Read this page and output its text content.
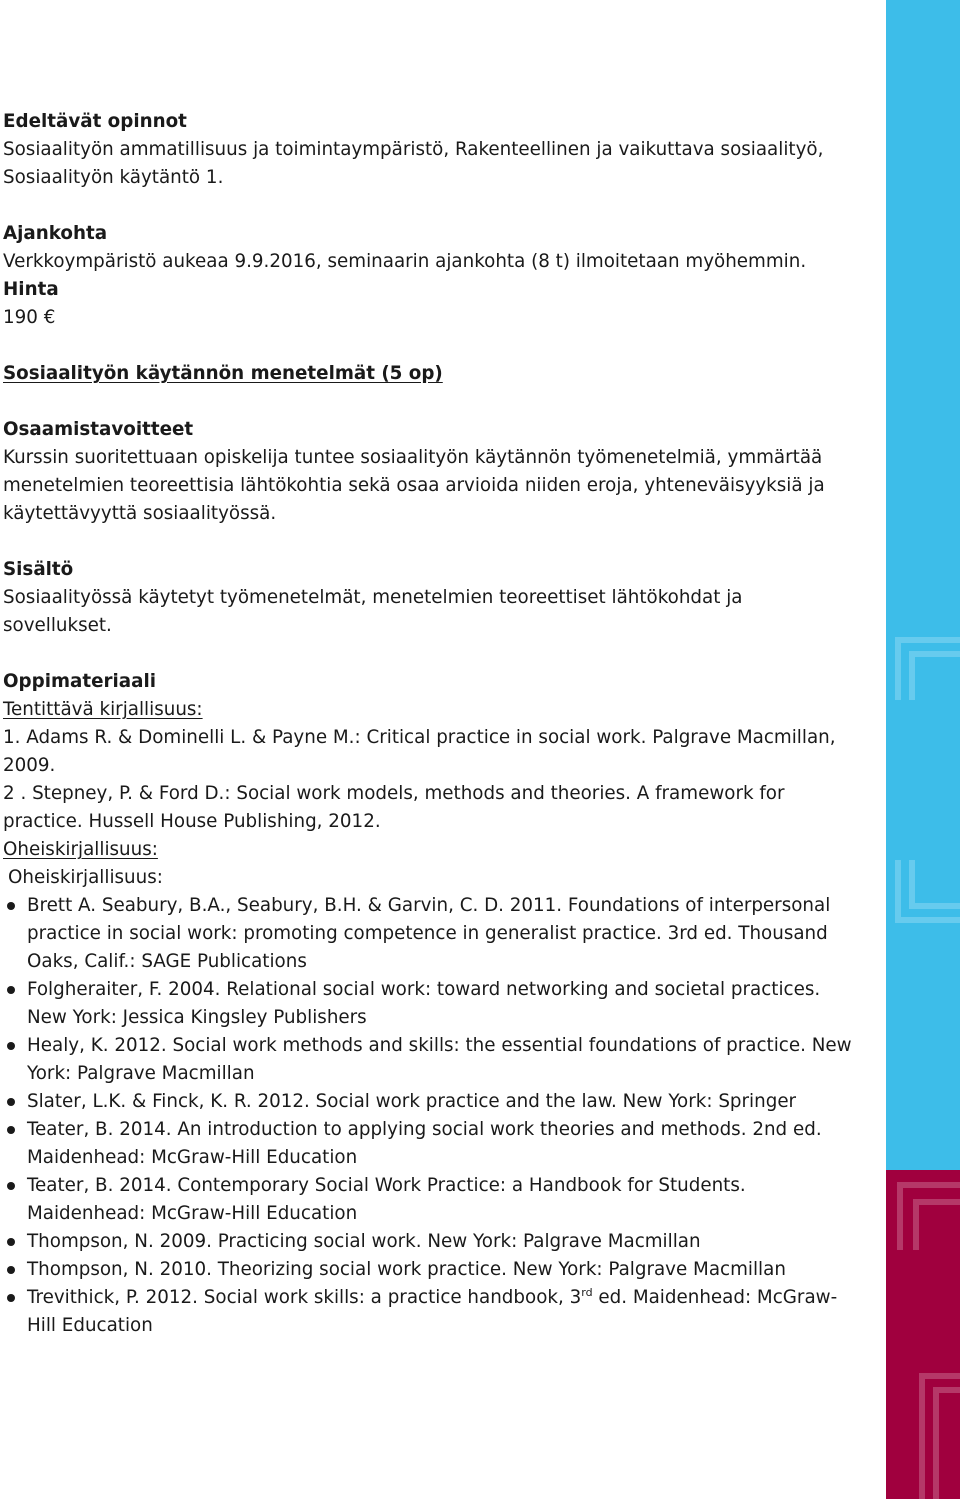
Edeltävät opinnot
Sosiaalityön ammatillisuus ja toimintaympäristö, Rakenteellinen ja vaikuttava sosiaalityö,
Sosiaalityön käytäntö 1.
Ajankohta
Verkkoympäristö aukeaa 9.9.2016, seminaarin ajankohta (8 t) ilmoitetaan myöhemmin.
Hinta
190 €
Sosiaalityön käytännön menetelmät (5 op)
Osaamistavoitteet
Kurssin suoritettuaan opiskelija tuntee sosiaalityön käytännön työmenetelmiä, ymmärtää
menetelmien teoreettisia lähtökohtia sekä osaa arvioida niiden eroja, yhteneväisyyksiä ja
käytettävyyttä sosiaalityössä.
Sisältö
Sosiaalityössä käytetyt työmenetelmät, menetelmien teoreettiset lähtökohdat ja
sovellukset.
Oppimateriaali
Tentittävä kirjallisuus:
1. Adams R. & Dominelli L. & Payne M.: Critical practice in social work. Palgrave Macmillan,
2009.
2 . Stepney, P. & Ford D.: Social work models, methods and theories. A framework for
practice. Hussell House Publishing, 2012.
Oheiskirjallisuus:
Oheiskirjallisuus:
Brett A. Seabury, B.A., Seabury, B.H. & Garvin, C. D. 2011. Foundations of interpersonal
practice in social work: promoting competence in generalist practice. 3rd ed. Thousand
Oaks, Calif.: SAGE Publications
Folgheraiter, F. 2004. Relational social work: toward networking and societal practices.
New York: Jessica Kingsley Publishers
Healy, K. 2012. Social work methods and skills: the essential foundations of practice. New
York: Palgrave Macmillan
Slater, L.K. & Finck, K. R. 2012. Social work practice and the law. New York: Springer
Teater, B. 2014. An introduction to applying social work theories and methods. 2nd ed.
Maidenhead: McGraw-Hill Education
Teater, B. 2014. Contemporary Social Work Practice: a Handbook for Students.
Maidenhead: McGraw-Hill Education
Thompson, N. 2009. Practicing social work. New York: Palgrave Macmillan
Thompson, N. 2010. Theorizing social work practice. New York: Palgrave Macmillan
Trevithick, P. 2012. Social work skills: a practice handbook, 3rd ed. Maidenhead: McGraw-
Hill Education
